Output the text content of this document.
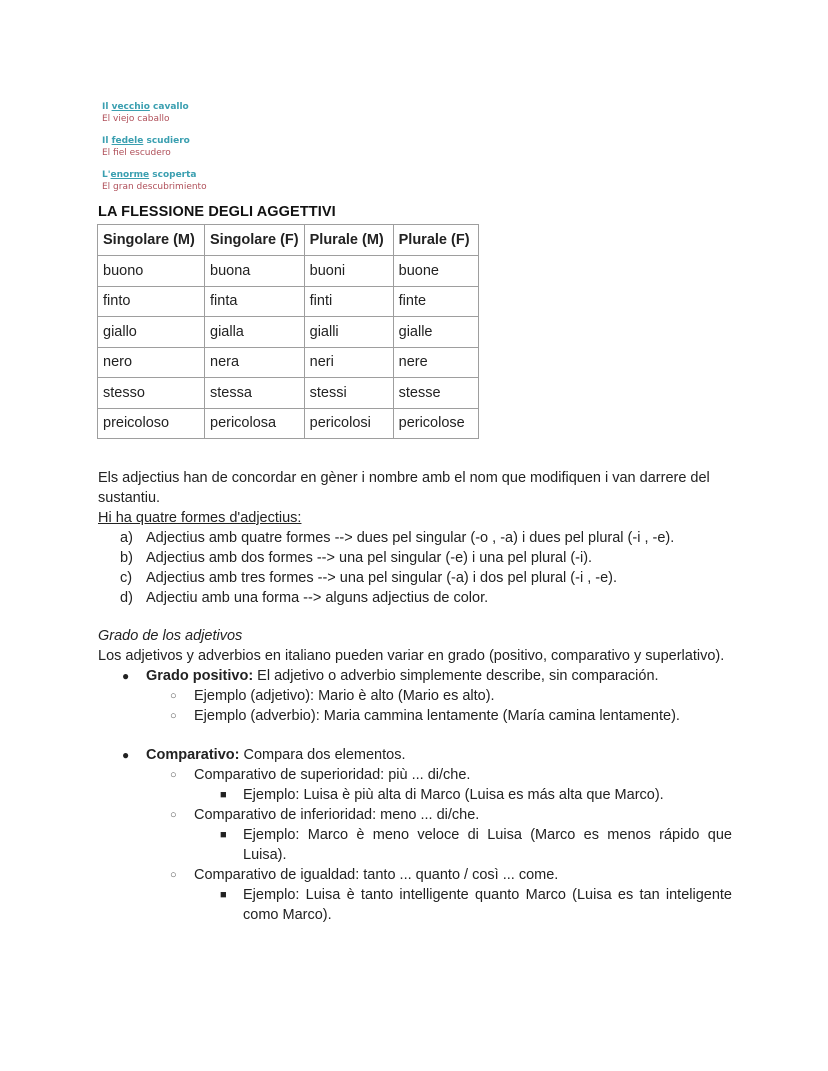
Il vecchio cavallo
El viejo caballo
Il fedele scudiero
El fiel escudero
L'enorme scoperta
El gran descubrimiento
LA FLESSIONE DEGLI AGGETTIVI
Singolare (M)	Singolare (F)	Plurale (M)	Plurale (F)
buono	buona	buoni	buone
finto	finta	finti	finte
giallo	gialla	gialli	gialle
nero	nera	neri	nere
stesso	stessa	stessi	stesse
preicoloso	pericolosa	pericolosi	pericolose
Els adjectius han de concordar en gèner i nombre amb el nom que modifiquen i van darrere del sustantiu.
Hi ha quatre formes d'adjectius:
a) Adjectius amb quatre formes --> dues pel singular (-o , -a) i dues pel plural (-i , -e).
b) Adjectius amb dos formes --> una pel singular (-e) i una pel plural (-i).
c) Adjectius amb tres formes --> una pel singular (-a) i dos pel plural (-i , -e).
d) Adjectiu amb una forma --> alguns adjectius de color.
Grado de los adjetivos
Los adjetivos y adverbios en italiano pueden variar en grado (positivo, comparativo y superlativo).
● Grado positivo: El adjetivo o adverbio simplemente describe, sin comparación.
○ Ejemplo (adjetivo): Mario è alto (Mario es alto).
○ Ejemplo (adverbio): Maria cammina lentamente (María camina lentamente).
● Comparativo: Compara dos elementos.
○ Comparativo de superioridad: più ... di/che.
■ Ejemplo: Luisa è più alta di Marco (Luisa es más alta que Marco).
○ Comparativo de inferioridad: meno ... di/che.
■ Ejemplo: Marco è meno veloce di Luisa (Marco es menos rápido que Luisa).
○ Comparativo de igualdad: tanto ... quanto / così ... come.
■ Ejemplo: Luisa è tanto intelligente quanto Marco (Luisa es tan inteligente como Marco).
